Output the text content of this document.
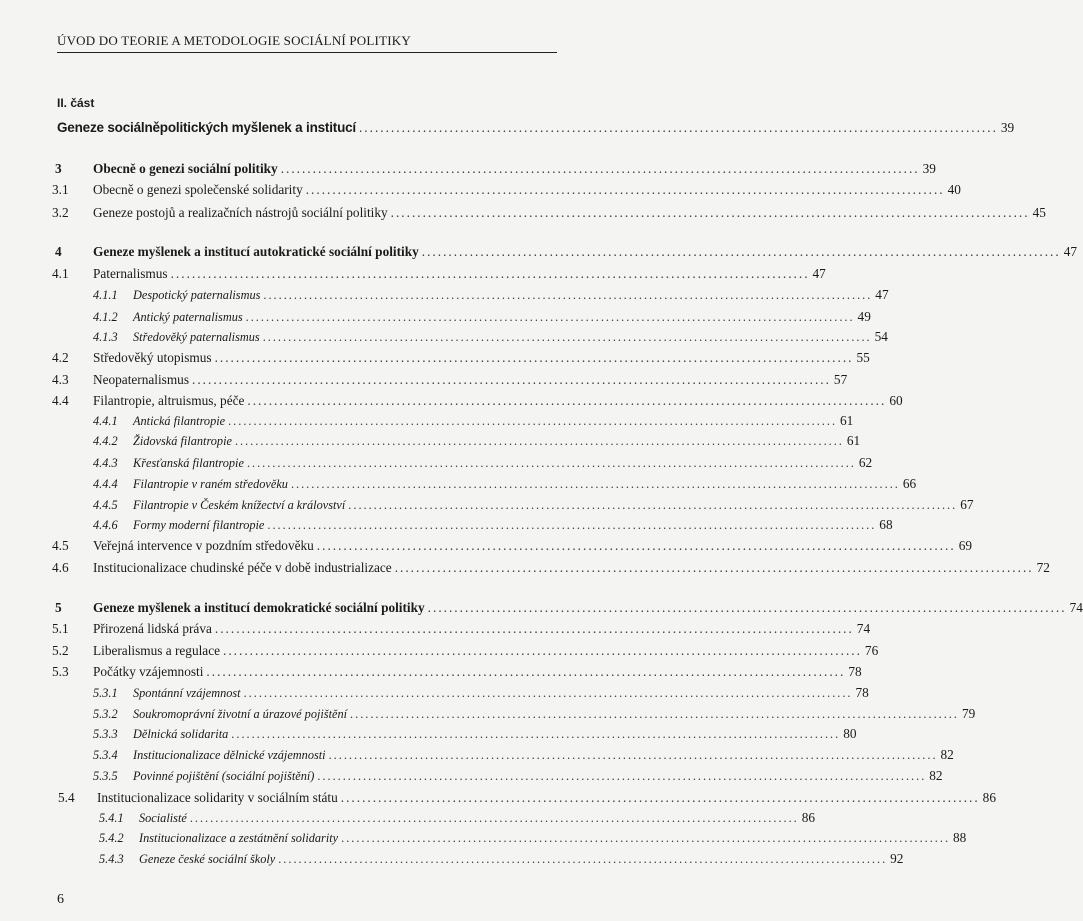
ÚVOD DO TEORIE A METODOLOGIE SOCIÁLNÍ POLITIKY
II. část
Geneze sociálněpolitických myšlenek a institucí ........................................................................................................................ 39
3 Obecně o genezi sociální politiky ........................................................................................................................ 39
3.1 Obecně o genezi společenské solidarity ........................................................................................................................ 40
3.2 Geneze postojů a realizačních nástrojů sociální politiky ........................................................................................................................ 45
4 Geneze myšlenek a institucí autokratické sociální politiky ........................................................................................................................ 47
4.1 Paternalismus ........................................................................................................................ 47
4.1.1 Despotický paternalismus ........................................................................................................................ 47
4.1.2 Antický paternalismus ........................................................................................................................ 49
4.1.3 Středověký paternalismus ........................................................................................................................ 54
4.2 Středověký utopismus ........................................................................................................................ 55
4.3 Neopaternalismus ........................................................................................................................ 57
4.4 Filantropie, altruismus, péče ........................................................................................................................ 60
4.4.1 Antická filantropie ........................................................................................................................ 61
4.4.2 Židovská filantropie ........................................................................................................................ 61
4.4.3 Křesťanská filantropie ........................................................................................................................ 62
4.4.4 Filantropie v raném středověku ........................................................................................................................ 66
4.4.5 Filantropie v Českém knížectví a království ........................................................................................................................ 67
4.4.6 Formy moderní filantropie ........................................................................................................................ 68
4.5 Veřejná intervence v pozdním středověku ........................................................................................................................ 69
4.6 Institucionalizace chudinské péče v době industrializace ........................................................................................................................ 72
5 Geneze myšlenek a institucí demokratické sociální politiky ........................................................................................................................ 74
5.1 Přirozená lidská práva ........................................................................................................................ 74
5.2 Liberalismus a regulace ........................................................................................................................ 76
5.3 Počátky vzájemnosti ........................................................................................................................ 78
5.3.1 Spontánní vzájemnost ........................................................................................................................ 78
5.3.2 Soukromoprávní životní a úrazové pojištění ........................................................................................................................ 79
5.3.3 Dělnická solidarita ........................................................................................................................ 80
5.3.4 Institucionalizace dělnické vzájemnosti ........................................................................................................................ 82
5.3.5 Povinné pojištění (sociální pojištění) ........................................................................................................................ 82
5.4 Institucionalizace solidarity v sociálním státu ........................................................................................................................ 86
5.4.1 Socialisté ........................................................................................................................ 86
5.4.2 Institucionalizace a zestátnění solidarity ........................................................................................................................ 88
5.4.3 Geneze české sociální školy ........................................................................................................................ 92
6
